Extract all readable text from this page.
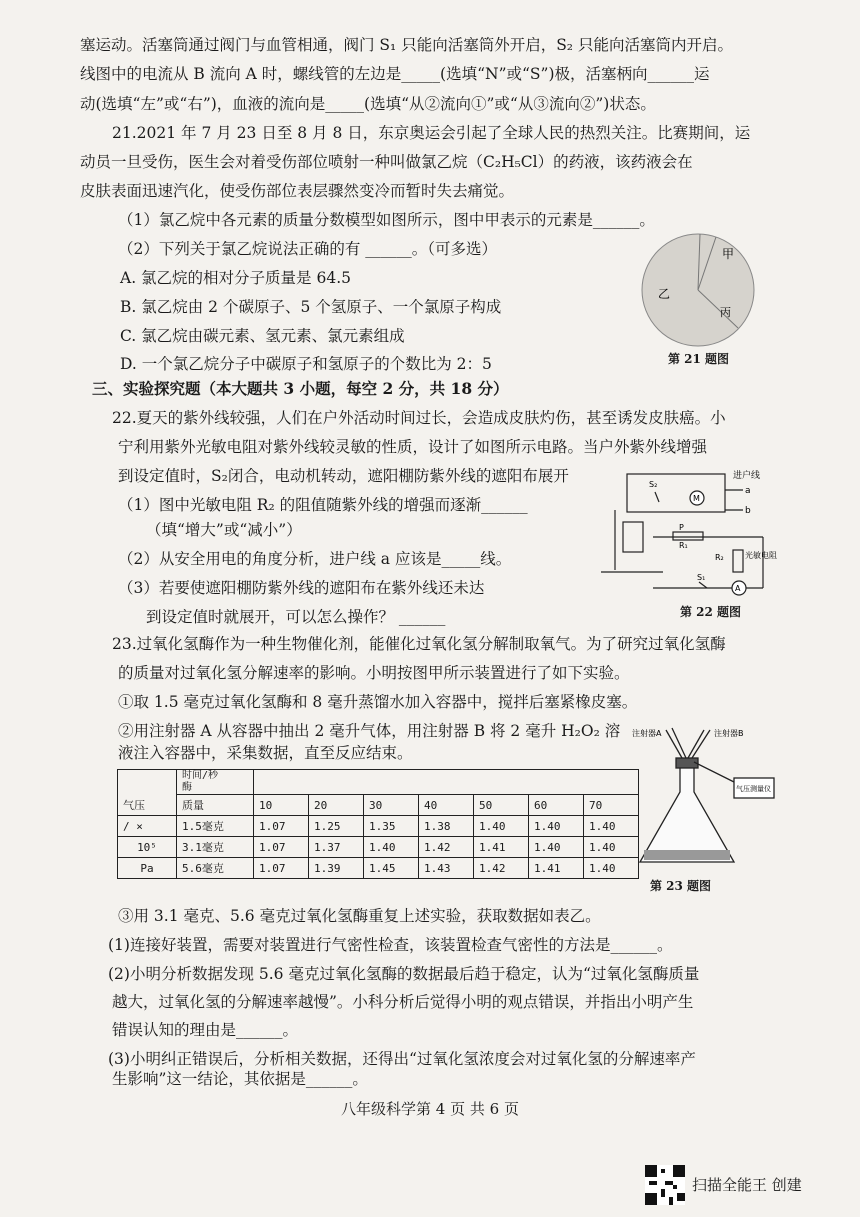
塞运动。活塞筒通过阀门与血管相通，阀门 S₁ 只能向活塞筒外开启，S₂ 只能向活塞筒内开启。
线图中的电流从 B 流向 A 时，螺线管的左边是_____(选填“N”或“S”)极，活塞柄向______运
动(选填“左”或“右”)，血液的流向是_____(选填“从②流向①”或“从③流向②”)状态。
21.2021 年 7 月 23 日至 8 月 8 日，东京奥运会引起了全球人民的热烈关注。比赛期间，运
动员一旦受伤，医生会对着受伤部位喷射一种叫做氯乙烷（C₂H₅Cl）的药液，该药液会在
皮肤表面迅速汽化，使受伤部位表层骤然变冷而暂时失去痛觉。
（1）氯乙烷中各元素的质量分数模型如图所示，图中甲表示的元素是______。
（2）下列关于氯乙烷说法正确的有 ______。（可多选）
A. 氯乙烷的相对分子质量是 64.5
B. 氯乙烷由 2 个碳原子、5 个氢原子、一个氯原子构成
C. 氯乙烷由碳元素、氢元素、氯元素组成
D. 一个氯乙烷分子中碳原子和氢原子的个数比为 2：5
甲
乙
丙
第 21 题图
三、实验探究题（本大题共 3 小题，每空 2 分，共 18 分）
22.夏天的紫外线较强，人们在户外活动时间过长，会造成皮肤灼伤，甚至诱发皮肤癌。小
宁利用紫外光敏电阻对紫外线较灵敏的性质，设计了如图所示电路。当户外紫外线增强
到设定值时，S₂闭合，电动机转动，遮阳棚防紫外线的遮阳布展开
（1）图中光敏电阻 R₂ 的阻值随紫外线的增强而逐渐______
（填“增大”或“减小”）
（2）从安全用电的角度分析，进户线 a 应该是_____线。
（3）若要使遮阳棚防紫外线的遮阳布在紫外线还未达
到设定值时就展开，可以怎么操作？ ______
进户线
a
b
S₂
M
P
R₁
R₂	光敏电阻
S₁
A
第 22 题图
23.过氧化氢酶作为一种生物催化剂，能催化过氧化氢分解制取氧气。为了研究过氧化氢酶
的质量对过氧化氢分解速率的影响。小明按图甲所示装置进行了如下实验。
①取 1.5 毫克过氧化氢酶和 8 毫升蒸馏水加入容器中，搅拌后塞紧橡皮塞。
②用注射器 A 从容器中抽出 2 毫升气体，用注射器 B 将 2 毫升 H₂O₂ 溶
液注入容器中，采集数据，直至反应结束。
气压	时间/秒
酶							
	质量	10	20	30	40	50	60	70
/ ×	1.5毫克	1.07	1.25	1.35	1.38	1.40	1.40	1.40
10⁵	3.1毫克	1.07	1.37	1.40	1.42	1.41	1.40	1.40
Pa	5.6毫克	1.07	1.39	1.45	1.43	1.42	1.41	1.40
注射器A	注射器B
气压测量仪
第 23 题图
③用 3.1 毫克、5.6 毫克过氧化氢酶重复上述实验，获取数据如表乙。
(1)连接好装置，需要对装置进行气密性检查，该装置检查气密性的方法是______。
(2)小明分析数据发现 5.6 毫克过氧化氢酶的数据最后趋于稳定，认为“过氧化氢酶质量
越大，过氧化氢的分解速率越慢”。小科分析后觉得小明的观点错误，并指出小明产生
错误认知的理由是______。
(3)小明纠正错误后，分析相关数据，还得出“过氧化氢浓度会对过氧化氢的分解速率产
生影响”这一结论，其依据是______。
八年级科学第 4 页 共 6 页
扫描全能王 创建
